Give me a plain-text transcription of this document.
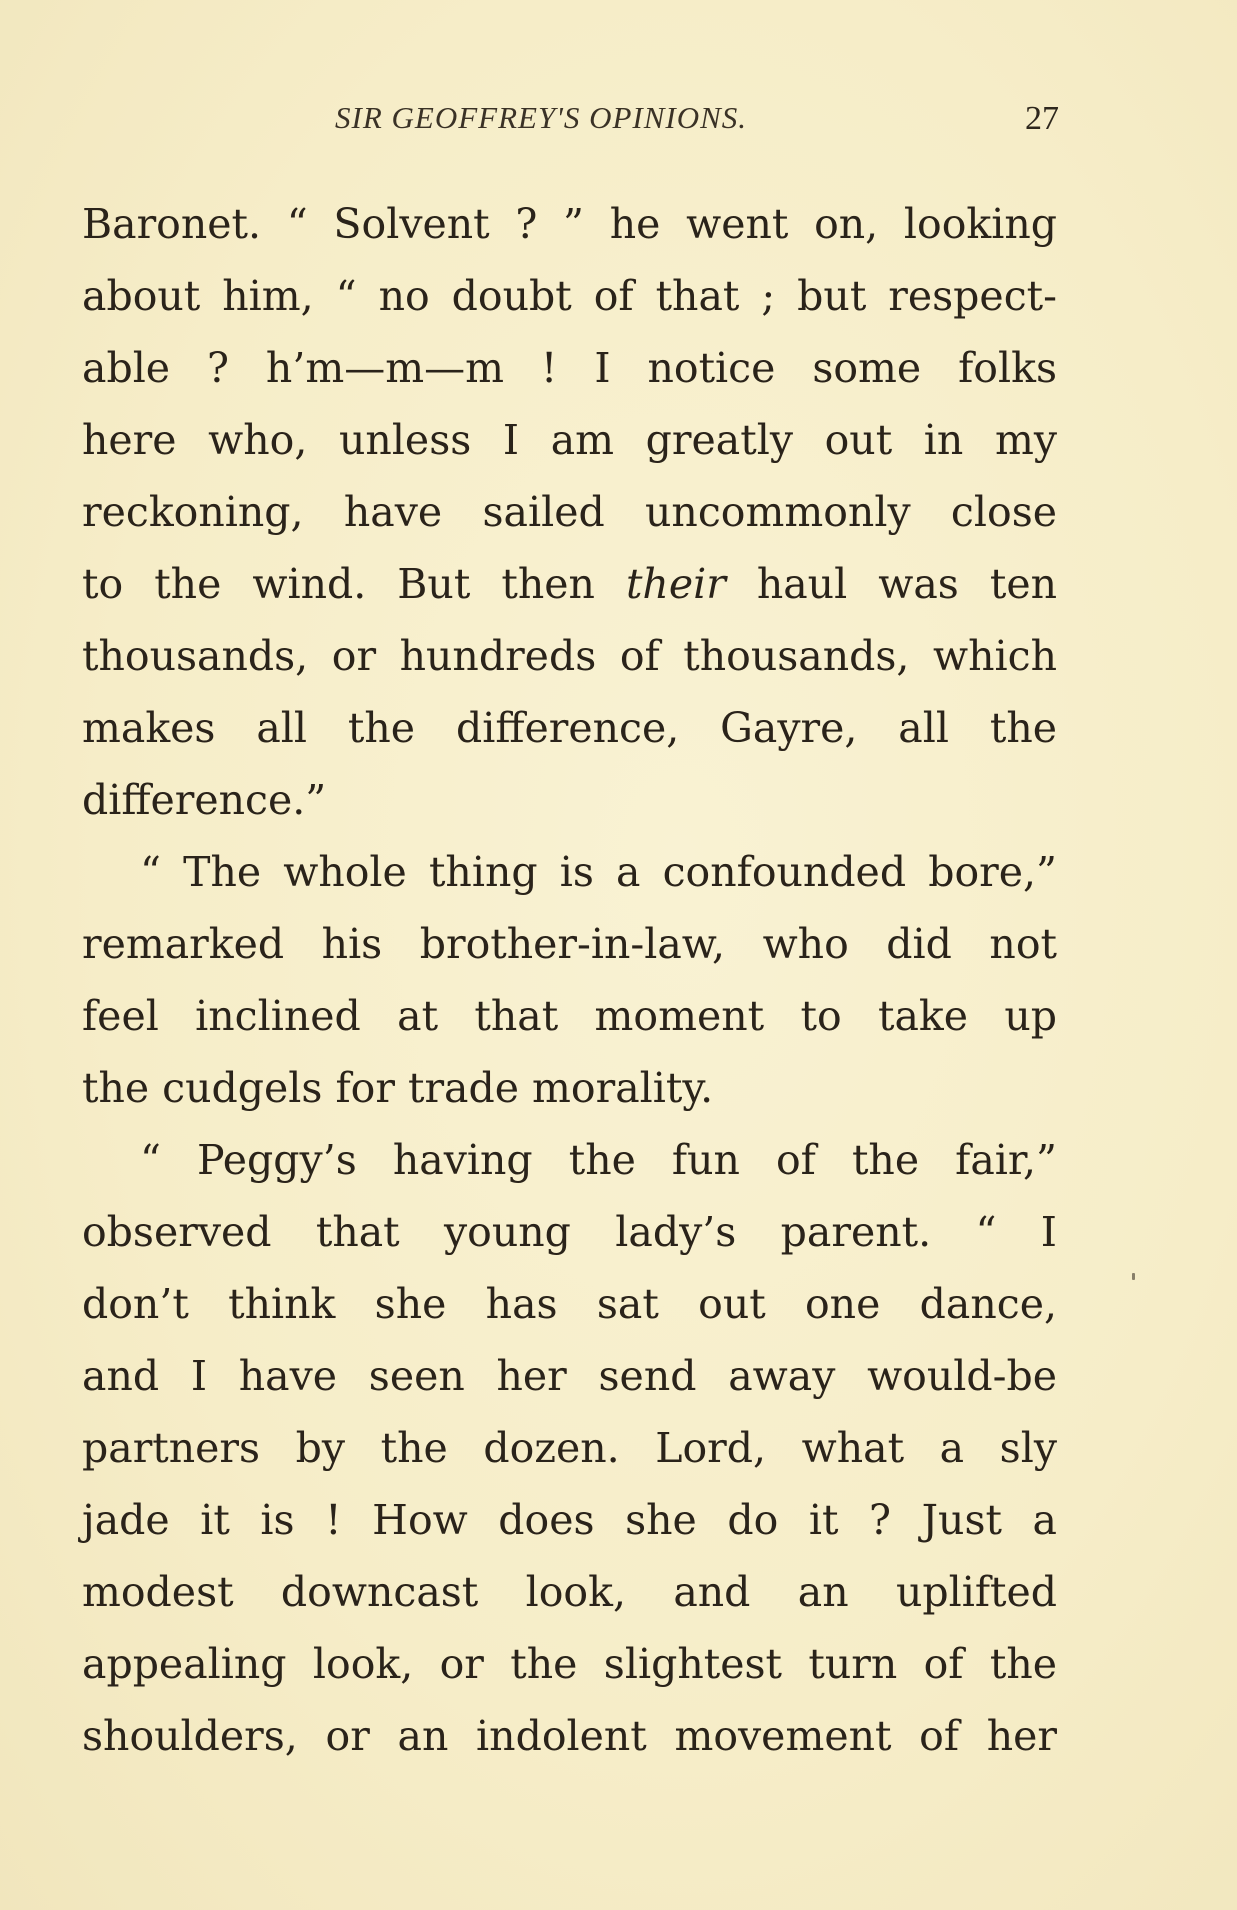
SIR GEOFFREY'S OPINIONS.	27
Baronet. “ Solvent ? ” he went on, looking
about him, “ no doubt of that ; but respect-
able ? h’m—m—m ! I notice some folks
here who, unless I am greatly out in my
reckoning, have sailed uncommonly close
to the wind. But then their haul was ten
thousands, or hundreds of thousands, which
makes all the difference, Gayre, all the
difference.”
“ The whole thing is a confounded bore,”
remarked his brother-in-law, who did not
feel inclined at that moment to take up
the cudgels for trade morality.
“ Peggy’s having the fun of the fair,”
observed that young lady’s parent. “ I
don’t think she has sat out one dance,
and I have seen her send away would-be
partners by the dozen. Lord, what a sly
jade it is ! How does she do it ? Just a
modest downcast look, and an uplifted
appealing look, or the slightest turn of the
shoulders, or an indolent movement of her
